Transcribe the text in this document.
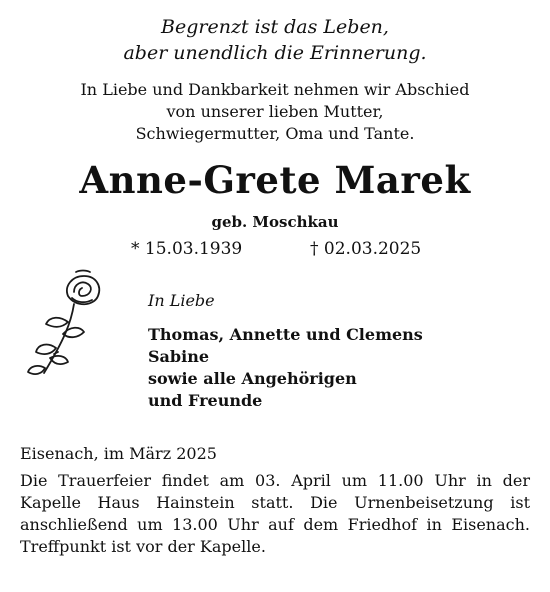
Begrenzt ist das Leben,
aber unendlich die Erinnerung.
In Liebe und Dankbarkeit nehmen wir Abschied
von unserer lieben Mutter,
Schwiegermutter, Oma und Tante.
Anne-Grete Marek
geb. Moschkau
* 15.03.1939	† 02.03.2025
In Liebe
Thomas, Annette und Clemens
Sabine
sowie alle Angehörigen
und Freunde
Eisenach, im März 2025
Die Trauerfeier findet am 03. April um 11.00 Uhr in der
Kapelle Haus Hainstein statt. Die Urnenbeisetzung ist
anschließend um 13.00 Uhr auf dem Friedhof in Eisenach.
Treffpunkt ist vor der Kapelle.
